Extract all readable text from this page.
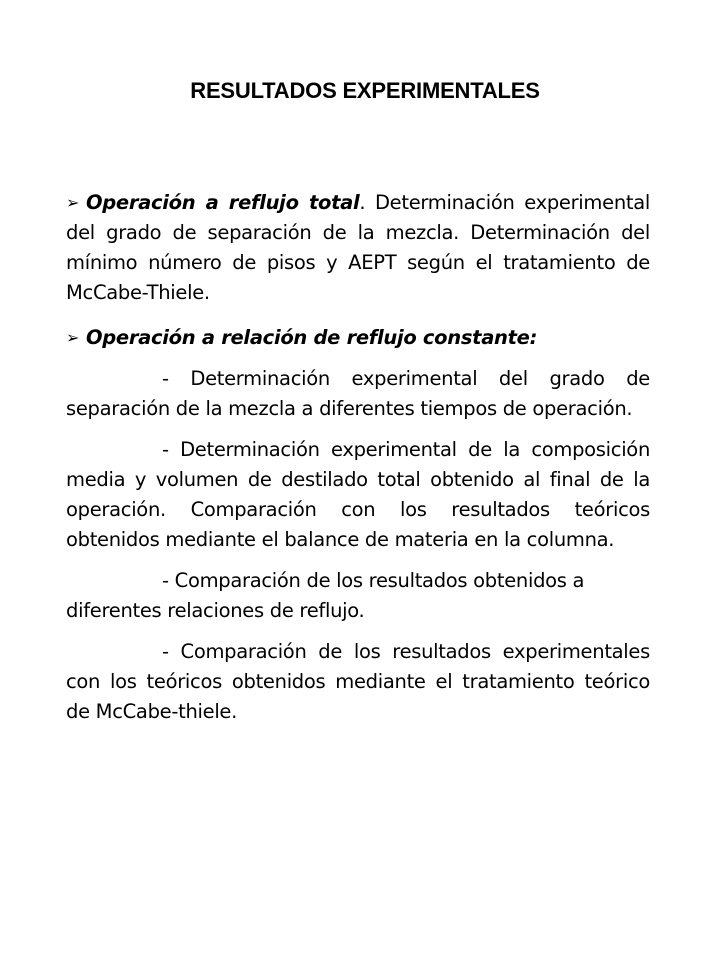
RESULTADOS EXPERIMENTALES

➢ Operación a reflujo total. Determinación experimental del grado de separación de la mezcla. Determinación del mínimo número de pisos y AEPT según el tratamiento de McCabe-Thiele.

➢ Operación a relación de reflujo constante:

- Determinación experimental del grado de separación de la mezcla a diferentes tiempos de operación.

- Determinación experimental de la composición media y volumen de destilado total obtenido al final de la operación. Comparación con los resultados teóricos obtenidos mediante el balance de materia en la columna.

- Comparación de los resultados obtenidos a diferentes relaciones de reflujo.

- Comparación de los resultados experimentales con los teóricos obtenidos mediante el tratamiento teórico de McCabe-thiele.
